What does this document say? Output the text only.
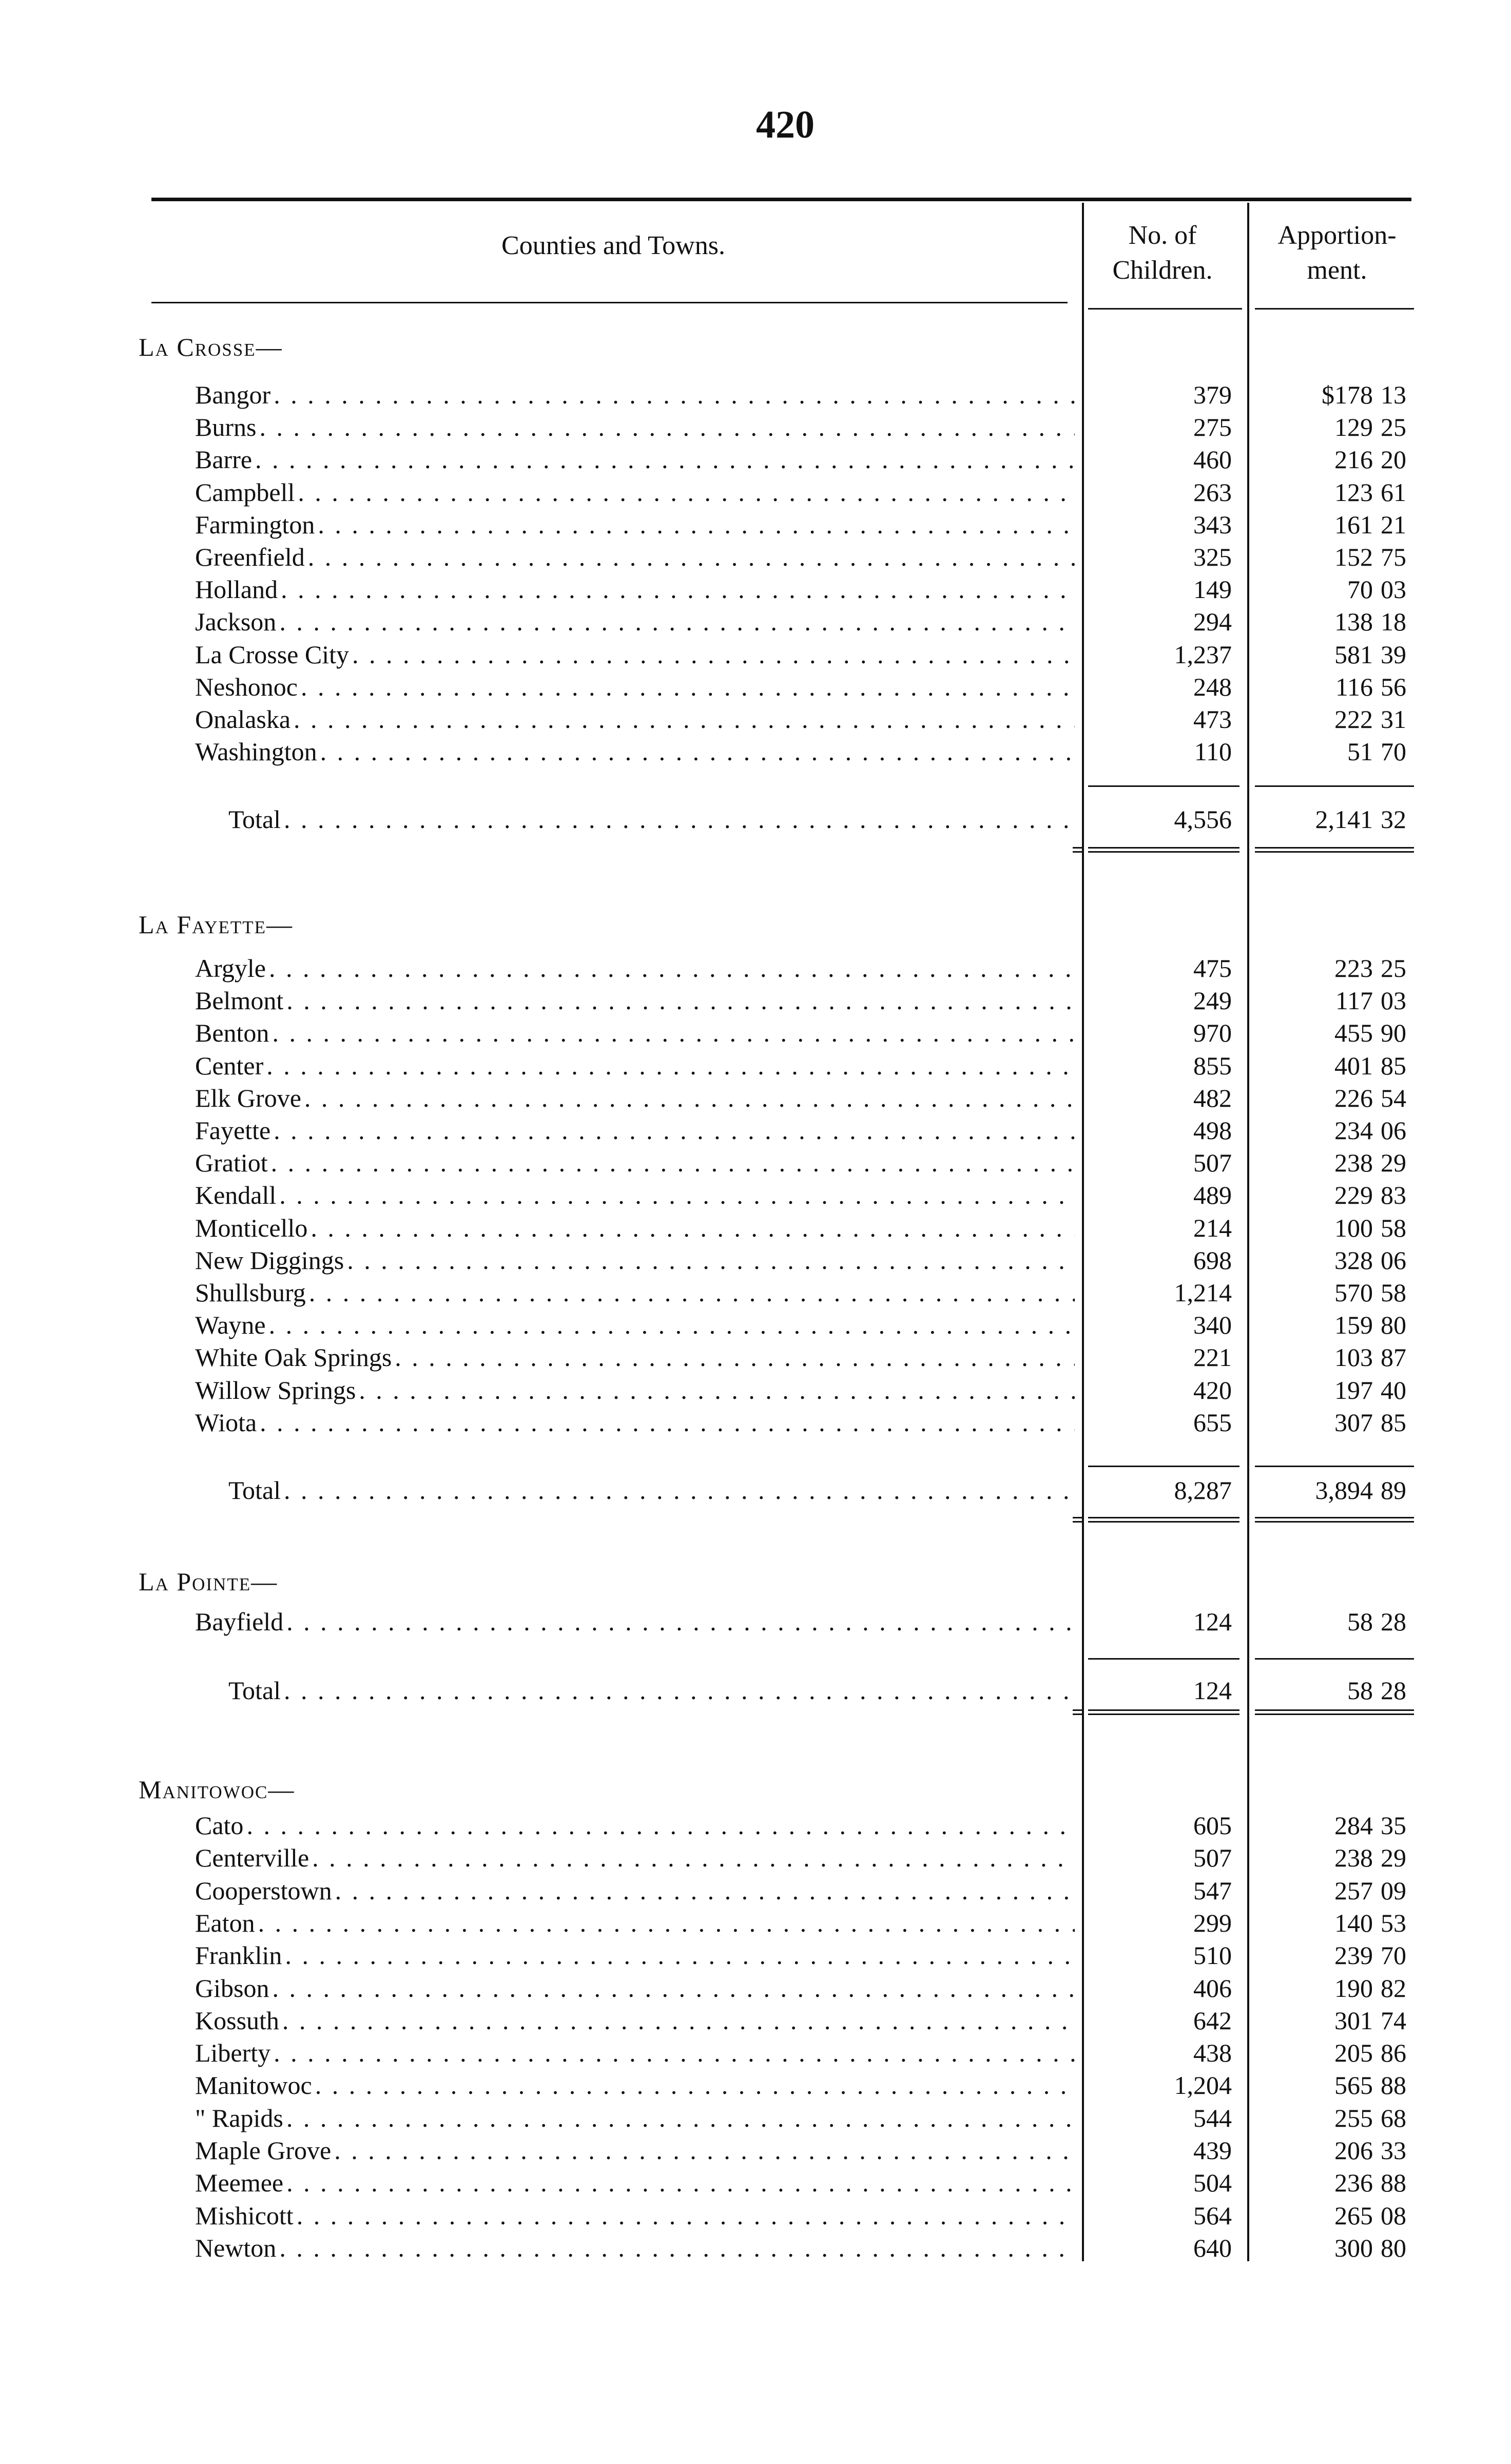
420
Counties and Towns.	No. of
Children.
Apportion-
ment.
La Crosse—
Bangor . . .	379	$178 13
Burns . . .	275	129 25
Barre . . .	460	216 20
Campbell . . .	263	123 61
Farmington . . .	343	161 21
Greenfield . . .	325	152 75
Holland . . .	149	70 03
Jackson . . .	294	138 18
La Crosse City . . .	1,237	581 39
Neshonoc . . .	248	116 56
Onalaska . . .	473	222 31
Washington . . .	110	51 70
Total . . .	4,556	2,141 32
La Fayette—
Argyle . . .	475	223 25
Belmont . . .	249	117 03
Benton . . .	970	455 90
Center . . .	855	401 85
Elk Grove . . .	482	226 54
Fayette . . .	498	234 06
Gratiot . . .	507	238 29
Kendall . . .	489	229 83
Monticello . . .	214	100 58
New Diggings . . .	698	328 06
Shullsburg . . .	1,214	570 58
Wayne . . .	340	159 80
White Oak Springs . . .	221	103 87
Willow Springs . . .	420	197 40
Wiota . . .	655	307 85
Total . . .	8,287	3,894 89
La Pointe—
Bayfield . . .	124	58 28
Total . . .	124	58 28
Manitowoc—
Cato . . .	605	284 35
Centerville . . .	507	238 29
Cooperstown . . .	547	257 09
Eaton . . .	299	140 53
Franklin . . .	510	239 70
Gibson . . .	406	190 82
Kossuth . . .	642	301 74
Liberty . . .	438	205 86
Manitowoc . . .	1,204	565 88
" Rapids . . .	544	255 68
Maple Grove . . .	439	206 33
Meemee . . .	504	236 88
Mishicott . . .	564	265 08
Newton . . .	640	300 80
